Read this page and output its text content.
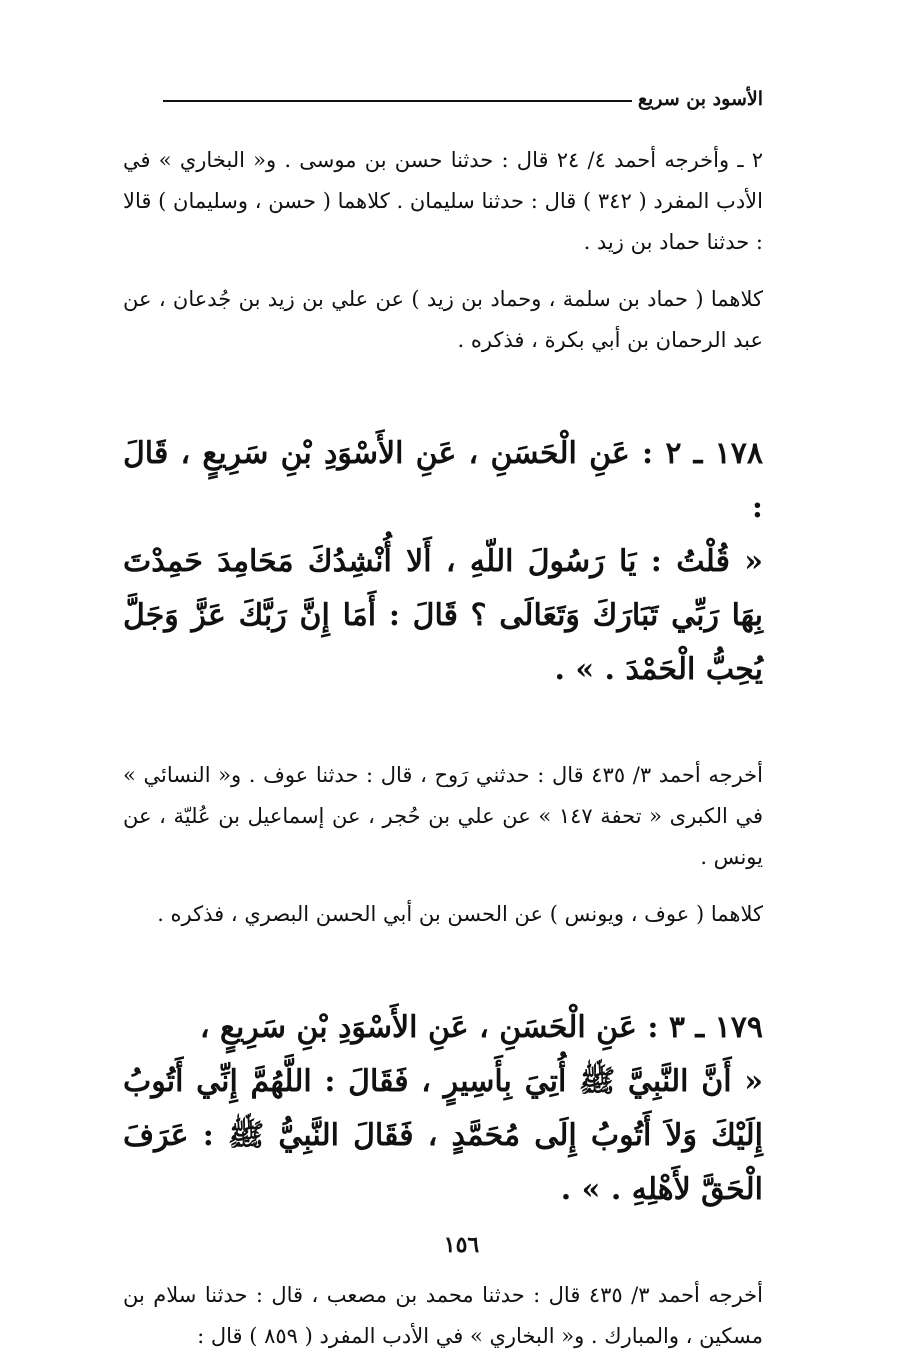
الأسود بن سريع

٢ ـ وأخرجه أحمد ٤/ ٢٤ قال : حدثنا حسن بن موسى . و« البخاري » في الأدب المفرد ( ٣٤٢ ) قال : حدثنا سليمان . كلاهما ( حسن ، وسليمان ) قالا : حدثنا حماد بن زيد .

كلاهما ( حماد بن سلمة ، وحماد بن زيد ) عن علي بن زيد بن جُدعان ، عن عبد الرحمان بن أبي بكرة ، فذكره .

١٧٨ ـ ٢ : عَنِ الْحَسَنِ ، عَنِ الأَسْوَدِ بْنِ سَرِيعٍ ، قَالَ :
« قُلْتُ : يَا رَسُولَ اللّهِ ، أَلا أُنْشِدُكَ مَحَامِدَ حَمِدْتَ بِهَا رَبِّي تَبَارَكَ وَتَعَالَى ؟ قَالَ : أَمَا إِنَّ رَبَّكَ عَزَّ وَجَلَّ يُحِبُّ الْحَمْدَ . » .

أخرجه أحمد ٣/ ٤٣٥ قال : حدثني رَوح ، قال : حدثنا عوف . و« النسائي » في الكبرى « تحفة ١٤٧ » عن علي بن حُجر ، عن إسماعيل بن عُليّة ، عن يونس .

كلاهما ( عوف ، ويونس ) عن الحسن بن أبي الحسن البصري ، فذكره .

١٧٩ ـ ٣ : عَنِ الْحَسَنِ ، عَنِ الأَسْوَدِ بْنِ سَرِيعٍ ،
« أَنَّ النَّبِيَّ ﷺ أُتِيَ بِأَسِيرٍ ، فَقَالَ : اللَّهُمَّ إِنِّي أَتُوبُ إِلَيْكَ وَلاَ أَتُوبُ إِلَى مُحَمَّدٍ ، فَقَالَ النَّبِيُّ ﷺ : عَرَفَ الْحَقَّ لأَهْلِهِ . » .

أخرجه أحمد ٣/ ٤٣٥ قال : حدثنا محمد بن مصعب ، قال : حدثنا سلام بن مسكين ، والمبارك . و« البخاري » في الأدب المفرد ( ٨٥٩ ) قال :

١٥٦
